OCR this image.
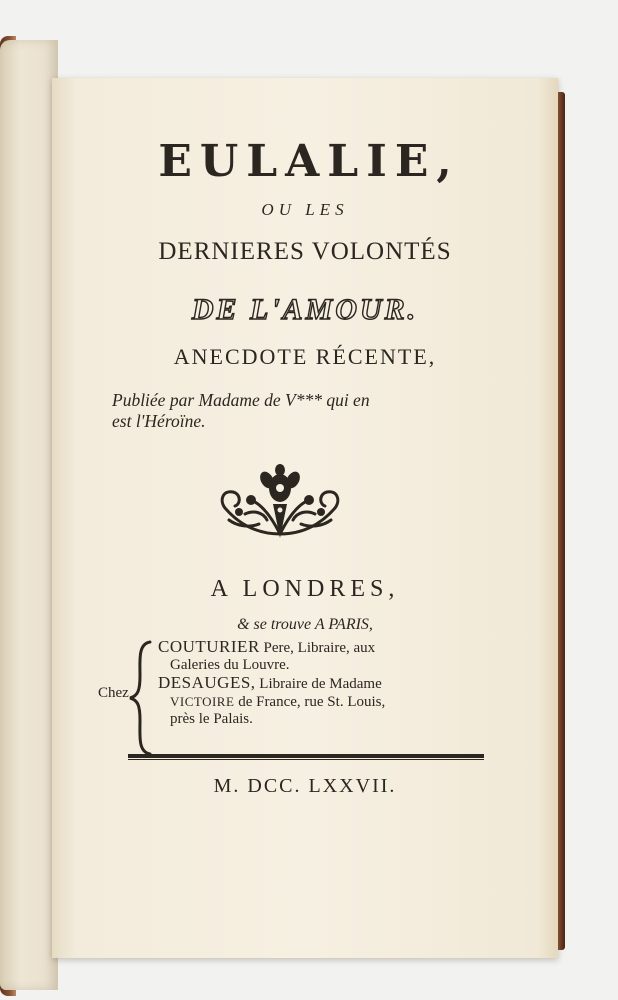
EULALIE,
OU LES
DERNIERES VOLONTÉS
DE L'AMOUR.
ANECDOTE RÉCENTE,
Publiée par Madame de V*** qui en
est l'Héroïne.
A LONDRES,
& se trouve A PARIS,
Chez
COUTURIER Pere, Libraire, aux
Galeries du Louvre.
DESAUGES, Libraire de Madame
VICTOIRE de France, rue St. Louis,
près le Palais.
M. DCC. LXXVII.
